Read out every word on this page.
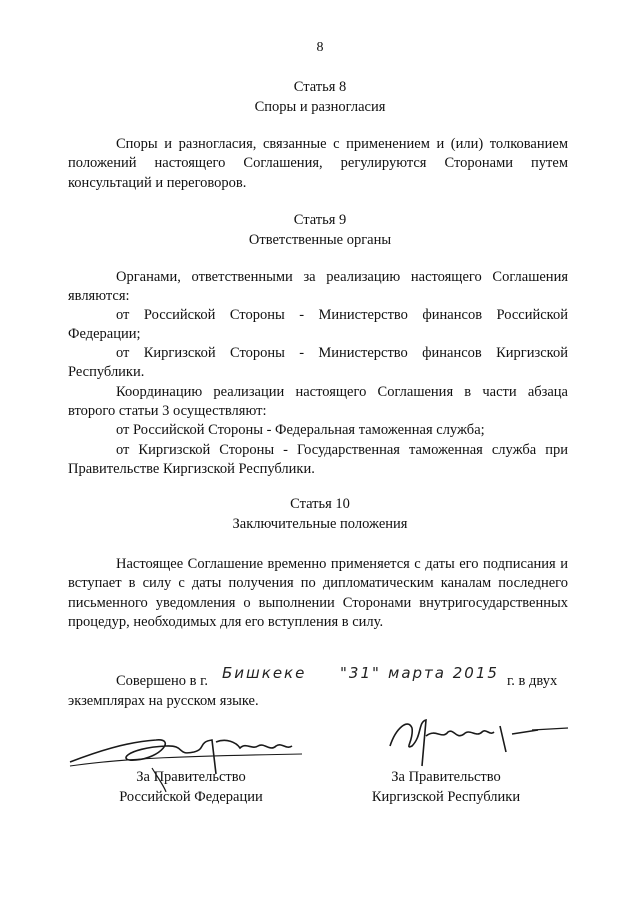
8
Статья 8
Споры и разногласия

Споры и разногласия, связанные с применением и (или) толкованием положений настоящего Соглашения, регулируются Сторонами путем консультаций и переговоров.

Статья 9
Ответственные органы

Органами, ответственными за реализацию настоящего Соглашения являются:

от Российской Стороны - Министерство финансов Российской Федерации;

от Киргизской Стороны - Министерство финансов Киргизской Республики.

Координацию реализации настоящего Соглашения в части абзаца второго статьи 3 осуществляют:

от Российской Стороны - Федеральная таможенная служба;

от Киргизской Стороны - Государственная таможенная служба при Правительстве Киргизской Республики.

Статья 10
Заключительные положения

Настоящее Соглашение временно применяется с даты его подписания и вступает в силу с даты получения по дипломатическим каналам последнего письменного уведомления о выполнении Сторонами внутригосударственных процедур, необходимых для его вступления в силу.

Совершено в г. Бишкеке "31" марта 2015 г. в двух
экземплярах на русском языке.
За Правительство
Российской Федерации
За Правительство
Киргизской Республики
